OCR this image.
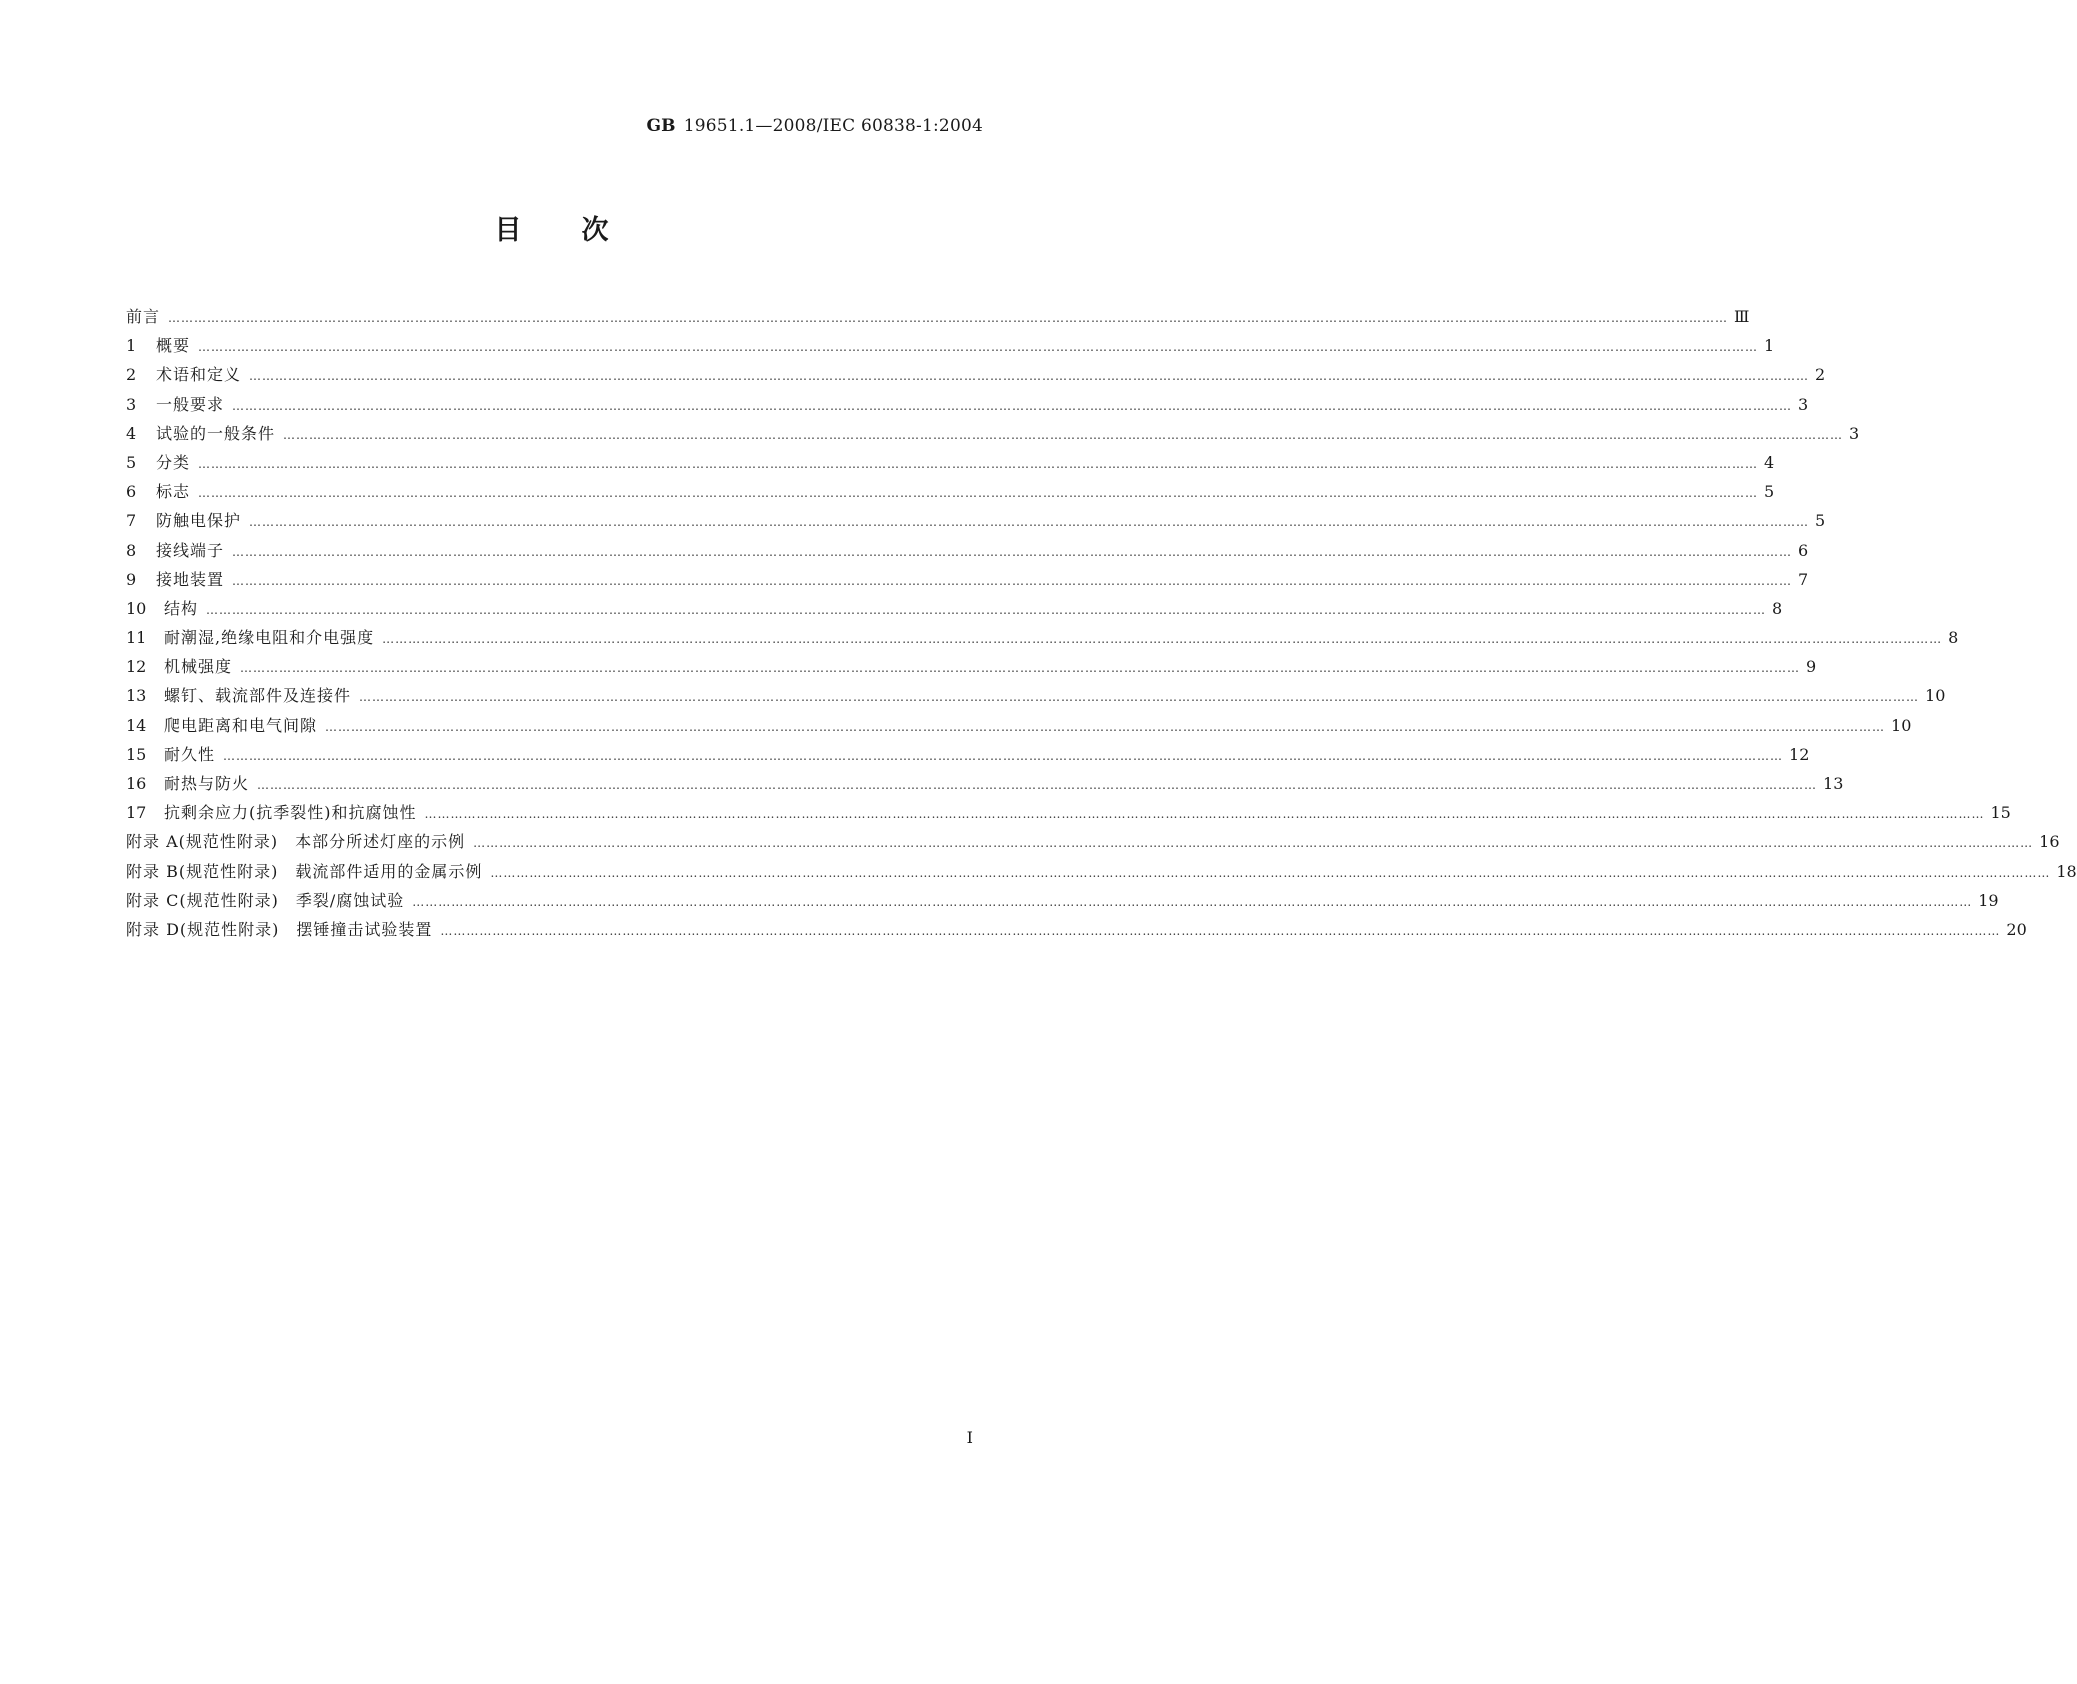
GB 19651.1—2008/IEC 60838-1:2004
目 次
前言 ……………………………………………………………………………………………………………………………………………………………………………………………………………………………………………………………………………………………………………………………… Ⅲ
1	概要 ……………………………………………………………………………………………………………………………………………………………………………………………………………………………………………………………………………………………………………………………… 1
2	术语和定义 ……………………………………………………………………………………………………………………………………………………………………………………………………………………………………………………………………………………………………………………………… 2
3	一般要求 ……………………………………………………………………………………………………………………………………………………………………………………………………………………………………………………………………………………………………………………………… 3
4	试验的一般条件 ……………………………………………………………………………………………………………………………………………………………………………………………………………………………………………………………………………………………………………………………… 3
5	分类 ……………………………………………………………………………………………………………………………………………………………………………………………………………………………………………………………………………………………………………………………… 4
6	标志 ……………………………………………………………………………………………………………………………………………………………………………………………………………………………………………………………………………………………………………………………… 5
7	防触电保护 ……………………………………………………………………………………………………………………………………………………………………………………………………………………………………………………………………………………………………………………………… 5
8	接线端子 ……………………………………………………………………………………………………………………………………………………………………………………………………………………………………………………………………………………………………………………………… 6
9	接地装置 ……………………………………………………………………………………………………………………………………………………………………………………………………………………………………………………………………………………………………………………………… 7
10	结构 ……………………………………………………………………………………………………………………………………………………………………………………………………………………………………………………………………………………………………………………………… 8
11	耐潮湿,绝缘电阻和介电强度 ……………………………………………………………………………………………………………………………………………………………………………………………………………………………………………………………………………………………………………………………… 8
12	机械强度 ……………………………………………………………………………………………………………………………………………………………………………………………………………………………………………………………………………………………………………………………… 9
13	螺钉、载流部件及连接件 ……………………………………………………………………………………………………………………………………………………………………………………………………………………………………………………………………………………………………………………………… 10
14	爬电距离和电气间隙 ……………………………………………………………………………………………………………………………………………………………………………………………………………………………………………………………………………………………………………………………… 10
15	耐久性 ……………………………………………………………………………………………………………………………………………………………………………………………………………………………………………………………………………………………………………………………… 12
16	耐热与防火 ……………………………………………………………………………………………………………………………………………………………………………………………………………………………………………………………………………………………………………………………… 13
17	抗剩余应力(抗季裂性)和抗腐蚀性 ……………………………………………………………………………………………………………………………………………………………………………………………………………………………………………………………………………………………………………………………… 15
附录 A(规范性附录)　本部分所述灯座的示例 ……………………………………………………………………………………………………………………………………………………………………………………………………………………………………………………………………………………………………………………………… 16
附录 B(规范性附录)　载流部件适用的金属示例 ……………………………………………………………………………………………………………………………………………………………………………………………………………………………………………………………………………………………………………………………… 18
附录 C(规范性附录)　季裂/腐蚀试验 ……………………………………………………………………………………………………………………………………………………………………………………………………………………………………………………………………………………………………………………………… 19
附录 D(规范性附录)　摆锤撞击试验装置 ……………………………………………………………………………………………………………………………………………………………………………………………………………………………………………………………………………………………………………………………… 20
Ⅰ
